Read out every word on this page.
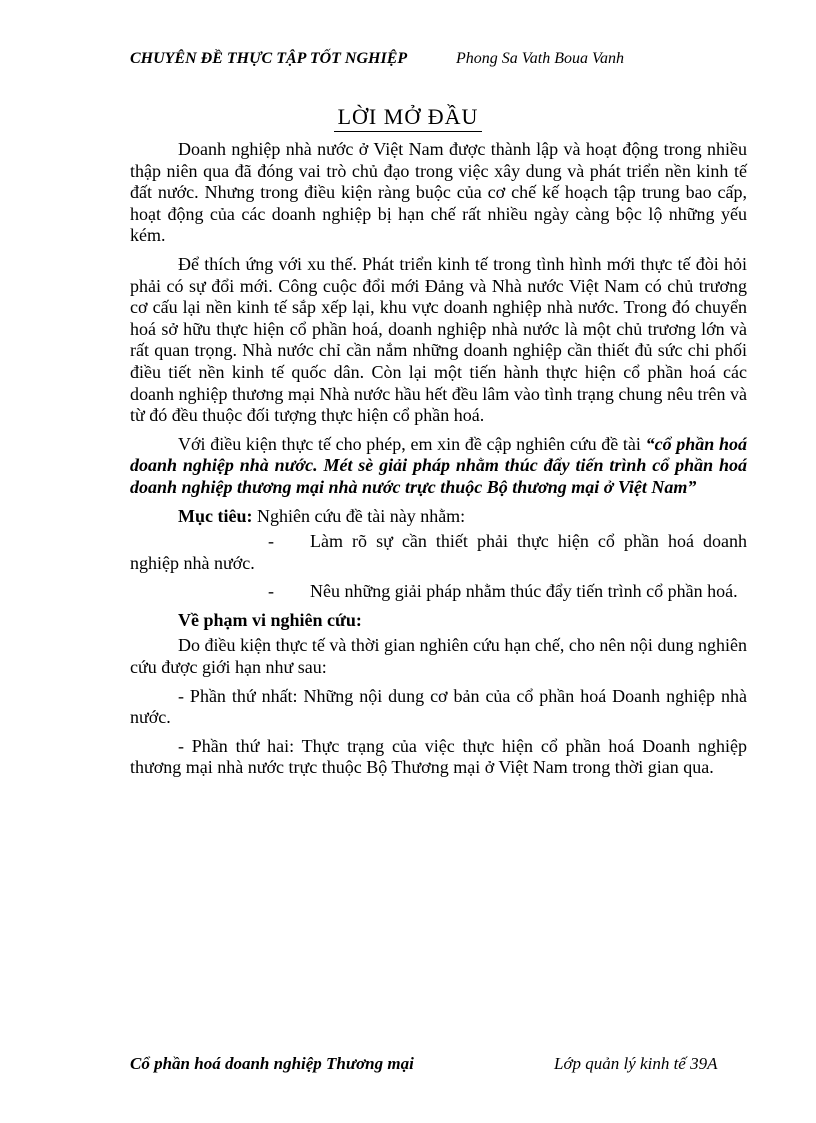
CHUYÊN ĐỀ THỰC TẬP TỐT NGHIỆP	Phong Sa Vath Boua Vanh
LỜI MỞ ĐẦU

Doanh nghiệp nhà nước ở Việt Nam được thành lập và hoạt động trong nhiều thập niên qua đã đóng vai trò chủ đạo trong việc xây dung và phát triển nền kinh tế đất nước. Nhưng trong điều kiện ràng buộc của cơ chế kế hoạch tập trung bao cấp, hoạt động của các doanh nghiệp bị hạn chế rất nhiều ngày càng bộc lộ những yếu kém.

Để thích ứng với xu thế. Phát triển kinh tế trong tình hình mới thực tế đòi hỏi phải có sự đổi mới. Công cuộc đổi mới Đảng và Nhà nước Việt Nam có chủ trương cơ cấu lại nền kinh tế sắp xếp lại, khu vực doanh nghiệp nhà nước. Trong đó chuyển hoá sở hữu thực hiện cổ phần hoá, doanh nghiệp nhà nước là một chủ trương lớn và rất quan trọng. Nhà nước chỉ cần nắm những doanh nghiệp cần thiết đủ sức chi phối điều tiết nền kinh tế quốc dân. Còn lại một tiến hành thực hiện cổ phần hoá các doanh nghiệp thương mại Nhà nước hầu hết đều lâm vào tình trạng chung nêu trên và từ đó đều thuộc đối tượng thực hiện cổ phần hoá.

Với điều kiện thực tế cho phép, em xin đề cập nghiên cứu đề tài “cổ phần hoá doanh nghiệp nhà nước. Mét sè giải pháp nhằm thúc đẩy tiến trình cổ phần hoá doanh nghiệp thương mại nhà nước trực thuộc Bộ thương mại ở Việt Nam”

Mục tiêu: Nghiên cứu đề tài này nhằm:

-   Làm rõ sự cần thiết phải thực hiện cổ phần hoá doanh nghiệp nhà nước.

-   Nêu những giải pháp nhằm thúc đẩy tiến trình cổ phần hoá.

Về phạm vi nghiên cứu:

Do điều kiện thực tế và thời gian nghiên cứu hạn chế, cho nên nội dung nghiên cứu được giới hạn như sau:

- Phần thứ nhất: Những nội dung cơ bản của cổ phần hoá Doanh nghiệp nhà nước.

- Phần thứ hai: Thực trạng của việc thực hiện cổ phần hoá Doanh nghiệp thương mại nhà nước trực thuộc Bộ Thương mại ở Việt Nam trong thời gian qua.

Cổ phần hoá doanh nghiệp Thương mại	Lớp quản lý kinh tế 39A
